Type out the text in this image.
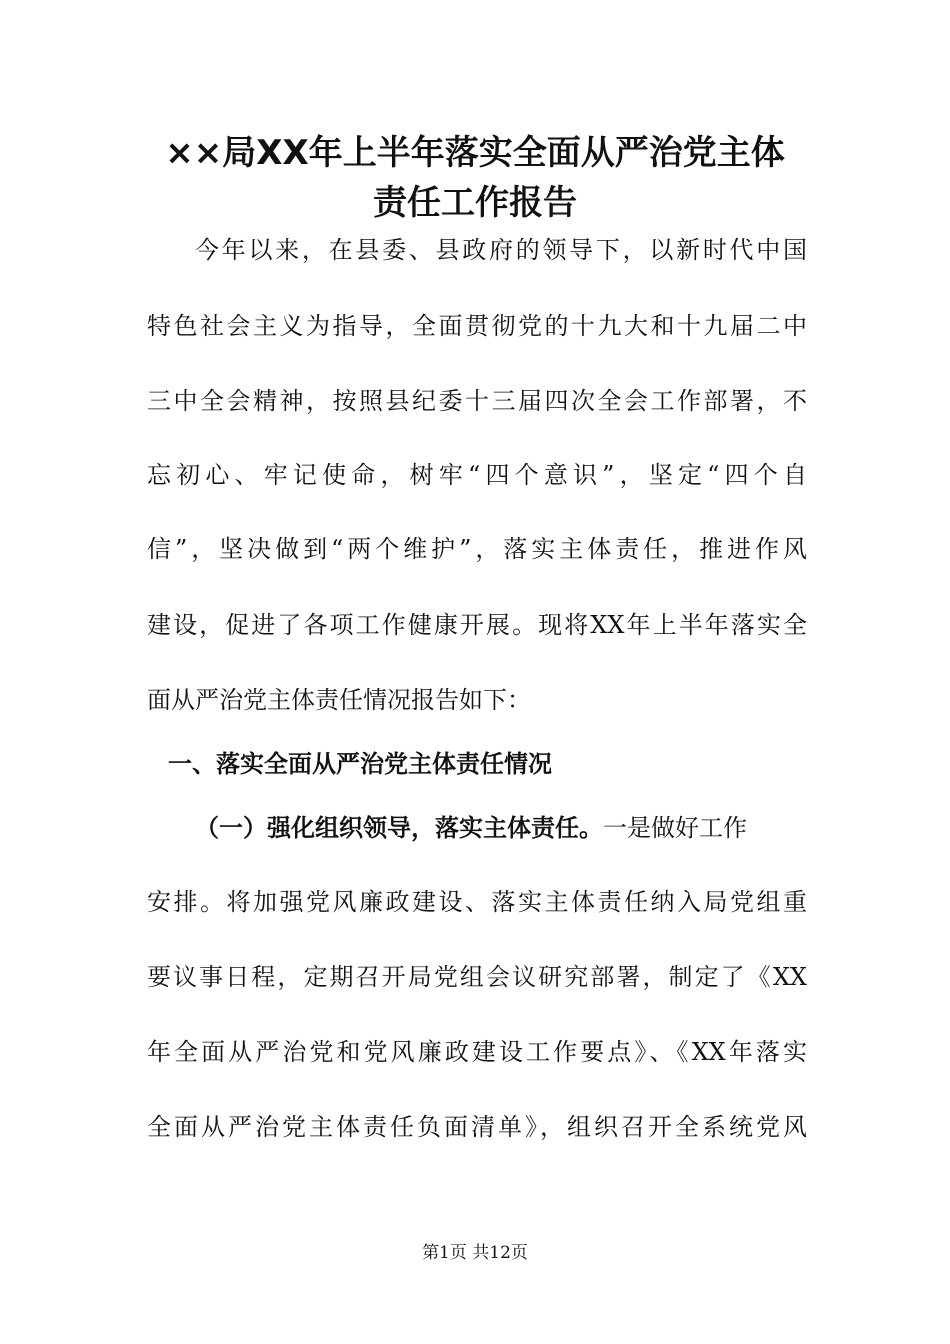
××局XX年上半年落实全面从严治党主体
责任工作报告
今年以来，在县委、县政府的领导下，以新时代中国
特色社会主义为指导，全面贯彻党的十九大和十九届二中
三中全会精神，按照县纪委十三届四次全会工作部署，不
忘初心、牢记使命，树牢“四个意识”，坚定“四个自
信”，坚决做到“两个维护”，落实主体责任，推进作风
建设，促进了各项工作健康开展。现将XX年上半年落实全
面从严治党主体责任情况报告如下：
一、落实全面从严治党主体责任情况
（一）强化组织领导，落实主体责任。一是做好工作
安排。将加强党风廉政建设、落实主体责任纳入局党组重
要议事日程，定期召开局党组会议研究部署，制定了《XX
年全面从严治党和党风廉政建设工作要点》、《XX年落实
全面从严治党主体责任负面清单》，组织召开全系统党风
第1页 共12页
